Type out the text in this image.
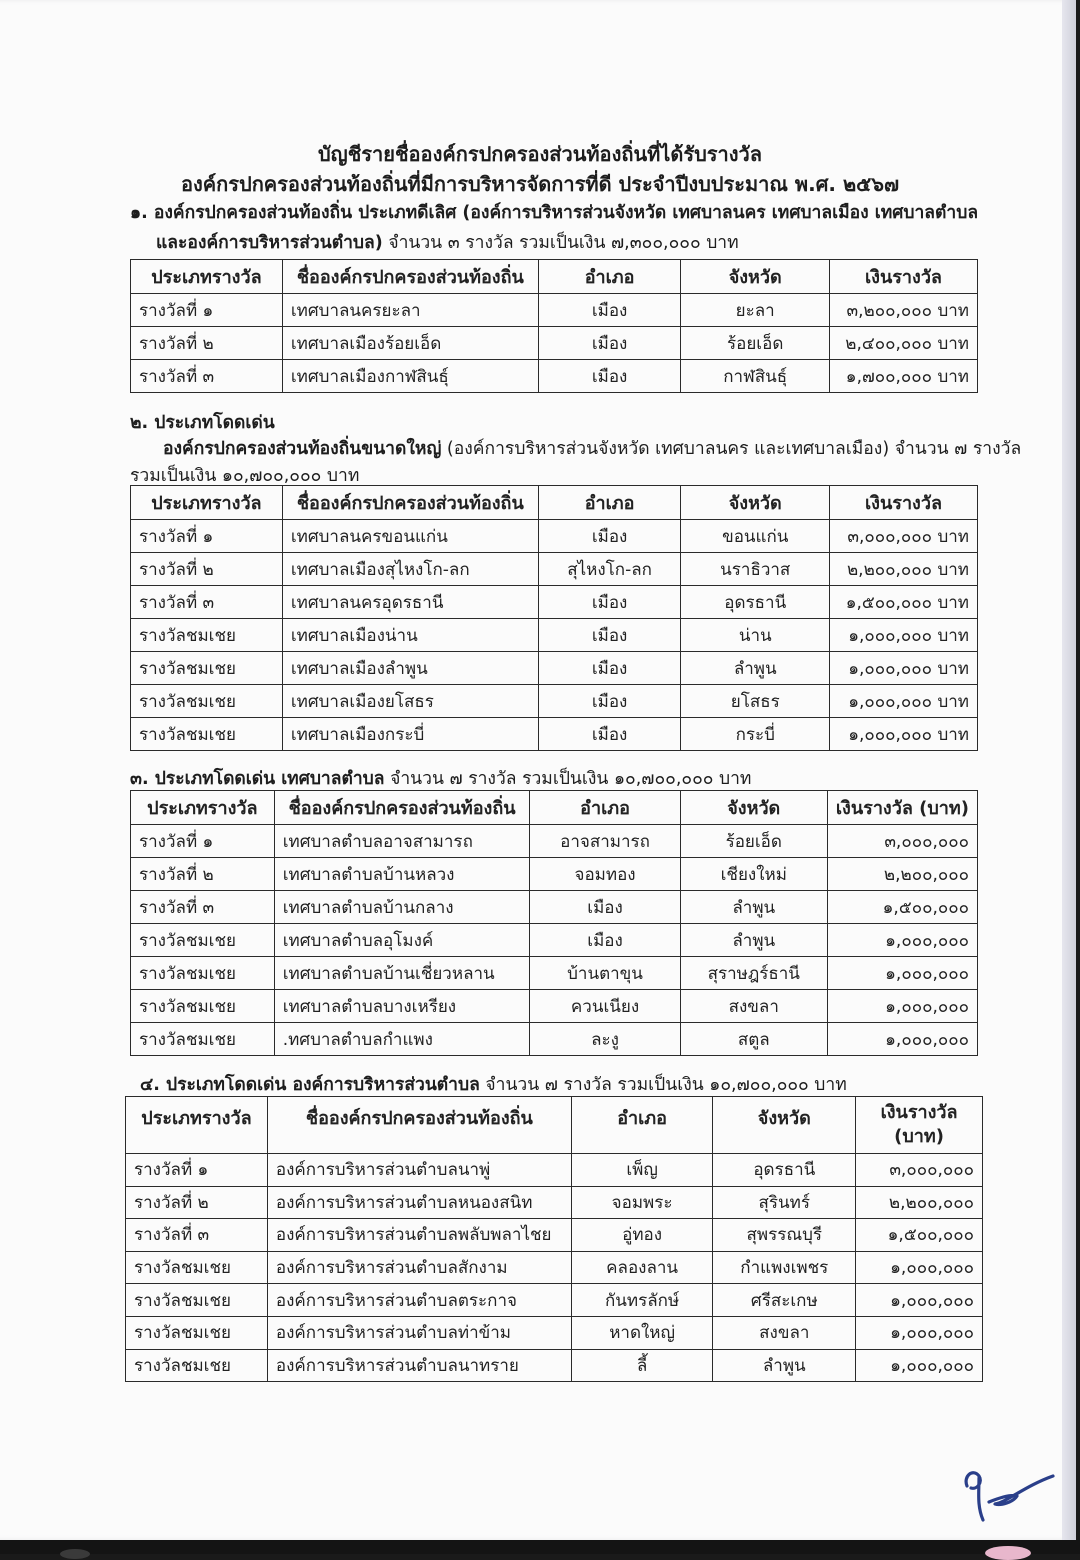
บัญชีรายชื่อองค์กรปกครองส่วนท้องถิ่นที่ได้รับรางวัล
องค์กรปกครองส่วนท้องถิ่นที่มีการบริหารจัดการที่ดี ประจำปีงบประมาณ พ.ศ. ๒๕๖๗
๑. องค์กรปกครองส่วนท้องถิ่น ประเภทดีเลิศ (องค์การบริหารส่วนจังหวัด เทศบาลนคร เทศบาลเมือง เทศบาลตำบล
และองค์การบริหารส่วนตำบล) จำนวน ๓ รางวัล รวมเป็นเงิน ๗,๓๐๐,๐๐๐ บาท
ประเภทรางวัล	ชื่อองค์กรปกครองส่วนท้องถิ่น	อำเภอ	จังหวัด	เงินรางวัล
รางวัลที่ ๑	เทศบาลนครยะลา	เมือง	ยะลา	๓,๒๐๐,๐๐๐ บาท
รางวัลที่ ๒	เทศบาลเมืองร้อยเอ็ด	เมือง	ร้อยเอ็ด	๒,๔๐๐,๐๐๐ บาท
รางวัลที่ ๓	เทศบาลเมืองกาฬสินธุ์	เมือง	กาฬสินธุ์	๑,๗๐๐,๐๐๐ บาท
๒. ประเภทโดดเด่น
องค์กรปกครองส่วนท้องถิ่นขนาดใหญ่ (องค์การบริหารส่วนจังหวัด เทศบาลนคร และเทศบาลเมือง) จำนวน ๗ รางวัล
รวมเป็นเงิน ๑๐,๗๐๐,๐๐๐ บาท
ประเภทรางวัล	ชื่อองค์กรปกครองส่วนท้องถิ่น	อำเภอ	จังหวัด	เงินรางวัล
รางวัลที่ ๑	เทศบาลนครขอนแก่น	เมือง	ขอนแก่น	๓,๐๐๐,๐๐๐ บาท
รางวัลที่ ๒	เทศบาลเมืองสุไหงโก-ลก	สุไหงโก-ลก	นราธิวาส	๒,๒๐๐,๐๐๐ บาท
รางวัลที่ ๓	เทศบาลนครอุดรธานี	เมือง	อุดรธานี	๑,๕๐๐,๐๐๐ บาท
รางวัลชมเชย	เทศบาลเมืองน่าน	เมือง	น่าน	๑,๐๐๐,๐๐๐ บาท
รางวัลชมเชย	เทศบาลเมืองลำพูน	เมือง	ลำพูน	๑,๐๐๐,๐๐๐ บาท
รางวัลชมเชย	เทศบาลเมืองยโสธร	เมือง	ยโสธร	๑,๐๐๐,๐๐๐ บาท
รางวัลชมเชย	เทศบาลเมืองกระบี่	เมือง	กระบี่	๑,๐๐๐,๐๐๐ บาท
๓. ประเภทโดดเด่น เทศบาลตำบล จำนวน ๗ รางวัล รวมเป็นเงิน ๑๐,๗๐๐,๐๐๐ บาท
ประเภทรางวัล	ชื่อองค์กรปกครองส่วนท้องถิ่น	อำเภอ	จังหวัด	เงินรางวัล (บาท)
รางวัลที่ ๑	เทศบาลตำบลอาจสามารถ	อาจสามารถ	ร้อยเอ็ด	๓,๐๐๐,๐๐๐
รางวัลที่ ๒	เทศบาลตำบลบ้านหลวง	จอมทอง	เชียงใหม่	๒,๒๐๐,๐๐๐
รางวัลที่ ๓	เทศบาลตำบลบ้านกลาง	เมือง	ลำพูน	๑,๕๐๐,๐๐๐
รางวัลชมเชย	เทศบาลตำบลอุโมงค์	เมือง	ลำพูน	๑,๐๐๐,๐๐๐
รางวัลชมเชย	เทศบาลตำบลบ้านเชี่ยวหลาน	บ้านตาขุน	สุราษฎร์ธานี	๑,๐๐๐,๐๐๐
รางวัลชมเชย	เทศบาลตำบลบางเหรียง	ควนเนียง	สงขลา	๑,๐๐๐,๐๐๐
รางวัลชมเชย	.ทศบาลตำบลกำแพง	ละงู	สตูล	๑,๐๐๐,๐๐๐
๔. ประเภทโดดเด่น องค์การบริหารส่วนตำบล จำนวน ๗ รางวัล รวมเป็นเงิน ๑๐,๗๐๐,๐๐๐ บาท
ประเภทรางวัล	ชื่อองค์กรปกครองส่วนท้องถิ่น	อำเภอ	จังหวัด	เงินรางวัล
(บาท)

รางวัลที่ ๑	องค์การบริหารส่วนตำบลนาพู่	เพ็ญ	อุดรธานี	๓,๐๐๐,๐๐๐
รางวัลที่ ๒	องค์การบริหารส่วนตำบลหนองสนิท	จอมพระ	สุรินทร์	๒,๒๐๐,๐๐๐
รางวัลที่ ๓	องค์การบริหารส่วนตำบลพลับพลาไชย	อู่ทอง	สุพรรณบุรี	๑,๕๐๐,๐๐๐
รางวัลชมเชย	องค์การบริหารส่วนตำบลสักงาม	คลองลาน	กำแพงเพชร	๑,๐๐๐,๐๐๐
รางวัลชมเชย	องค์การบริหารส่วนตำบลตระกาจ	กันทรลักษ์	ศรีสะเกษ	๑,๐๐๐,๐๐๐
รางวัลชมเชย	องค์การบริหารส่วนตำบลท่าข้าม	หาดใหญ่	สงขลา	๑,๐๐๐,๐๐๐
รางวัลชมเชย	องค์การบริหารส่วนตำบลนาทราย	ลี้	ลำพูน	๑,๐๐๐,๐๐๐
